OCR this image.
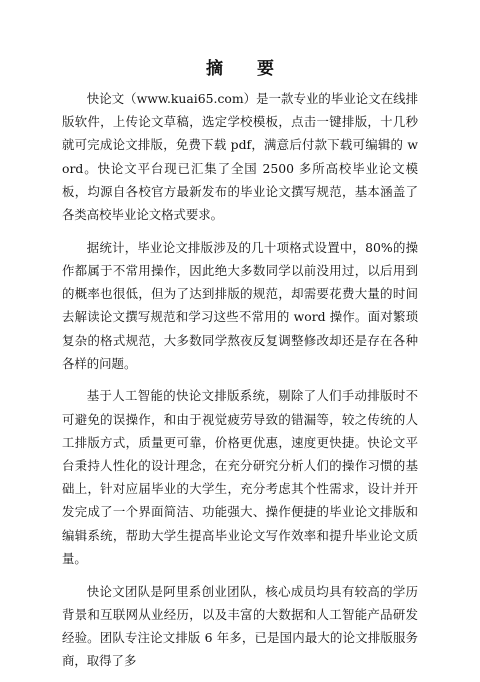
摘 要

快论文（www.kuai65.com）是一款专业的毕业论文在线排版软件，上传论文草稿，选定学校模板，点击一键排版，十几秒就可完成论文排版，免费下载 pdf，满意后付款下载可编辑的 word。快论文平台现已汇集了全国 2500 多所高校毕业论文模板，均源自各校官方最新发布的毕业论文撰写规范，基本涵盖了各类高校毕业论文格式要求。

据统计，毕业论文排版涉及的几十项格式设置中，80%的操作都属于不常用操作，因此绝大多数同学以前没用过，以后用到的概率也很低，但为了达到排版的规范，却需要花费大量的时间去解读论文撰写规范和学习这些不常用的 word 操作。面对繁琐复杂的格式规范，大多数同学熬夜反复调整修改却还是存在各种各样的问题。

基于人工智能的快论文排版系统，剔除了人们手动排版时不可避免的误操作，和由于视觉疲劳导致的错漏等，较之传统的人工排版方式，质量更可靠，价格更优惠，速度更快捷。快论文平台秉持人性化的设计理念，在充分研究分析人们的操作习惯的基础上，针对应届毕业的大学生，充分考虑其个性需求，设计并开发完成了一个界面简洁、功能强大、操作便捷的毕业论文排版和编辑系统，帮助大学生提高毕业论文写作效率和提升毕业论文质量。

快论文团队是阿里系创业团队，核心成员均具有较高的学历背景和互联网从业经历，以及丰富的大数据和人工智能产品研发经验。团队专注论文排版 6 年多，已是国内最大的论文排版服务商，取得了多
